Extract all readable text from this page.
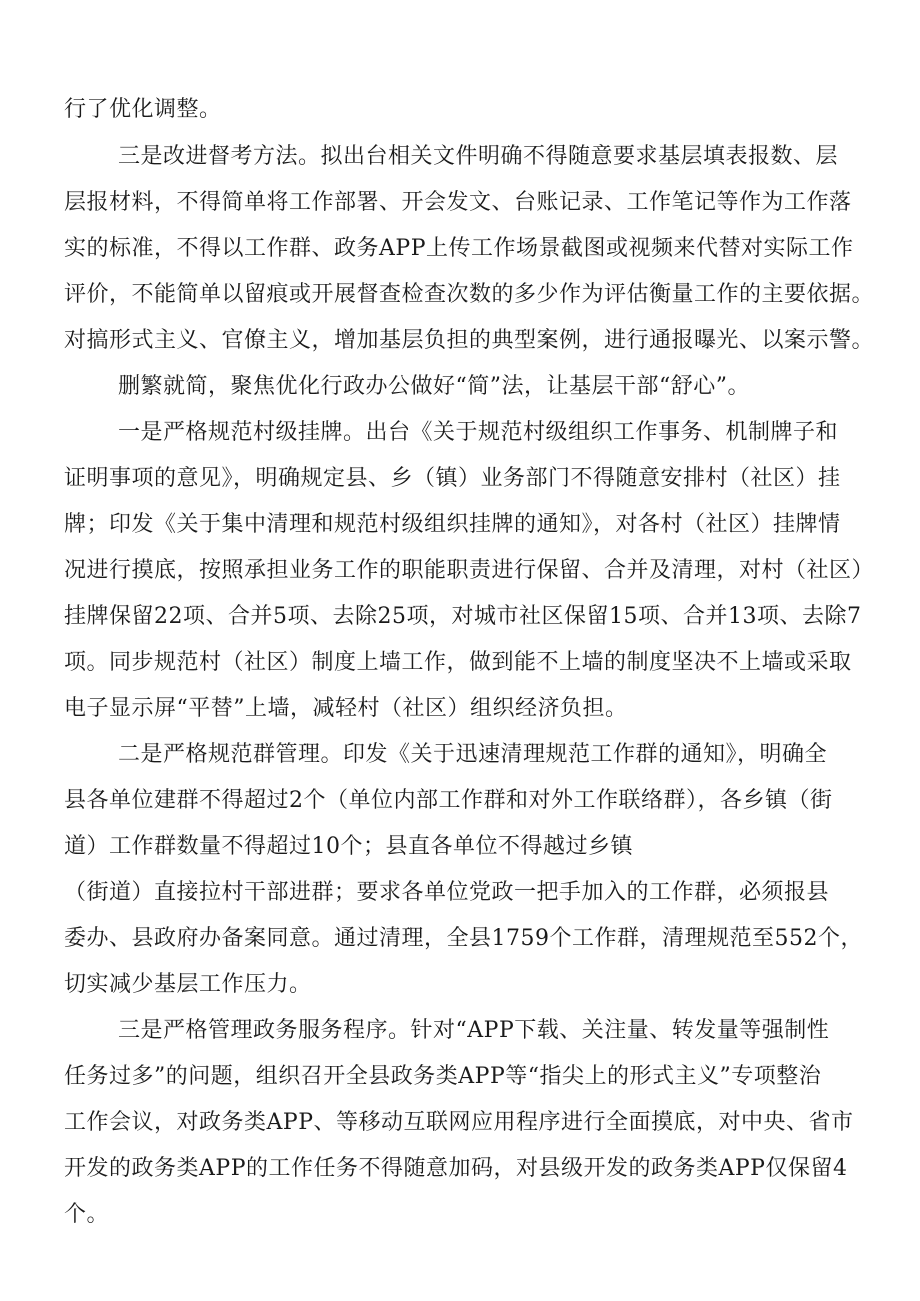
行了优化调整。
三是改进督考方法。拟出台相关文件明确不得随意要求基层填表报数、层
层报材料，不得简单将工作部署、开会发文、台账记录、工作笔记等作为工作落
实的标准，不得以工作群、政务APP上传工作场景截图或视频来代替对实际工作
评价，不能简单以留痕或开展督查检查次数的多少作为评估衡量工作的主要依据。
对搞形式主义、官僚主义，增加基层负担的典型案例，进行通报曝光、以案示警。
删繁就简，聚焦优化行政办公做好“简”法，让基层干部“舒心”。
一是严格规范村级挂牌。出台《关于规范村级组织工作事务、机制牌子和
证明事项的意见》，明确规定县、乡（镇）业务部门不得随意安排村（社区）挂
牌；印发《关于集中清理和规范村级组织挂牌的通知》，对各村（社区）挂牌情
况进行摸底，按照承担业务工作的职能职责进行保留、合并及清理，对村（社区）
挂牌保留22项、合并5项、去除25项，对城市社区保留15项、合并13项、去除7
项。同步规范村（社区）制度上墙工作，做到能不上墙的制度坚决不上墙或采取
电子显示屏“平替”上墙，减轻村（社区）组织经济负担。
二是严格规范群管理。印发《关于迅速清理规范工作群的通知》，明确全
县各单位建群不得超过2个（单位内部工作群和对外工作联络群），各乡镇（街
道）工作群数量不得超过10个；县直各单位不得越过乡镇
（街道）直接拉村干部进群；要求各单位党政一把手加入的工作群，必须报县
委办、县政府办备案同意。通过清理，全县1759个工作群，清理规范至552个，
切实减少基层工作压力。
三是严格管理政务服务程序。针对“APP下载、关注量、转发量等强制性
任务过多”的问题，组织召开全县政务类APP等“指尖上的形式主义”专项整治
工作会议，对政务类APP、等移动互联网应用程序进行全面摸底，对中央、省市
开发的政务类APP的工作任务不得随意加码，对县级开发的政务类APP仅保留4
个。
